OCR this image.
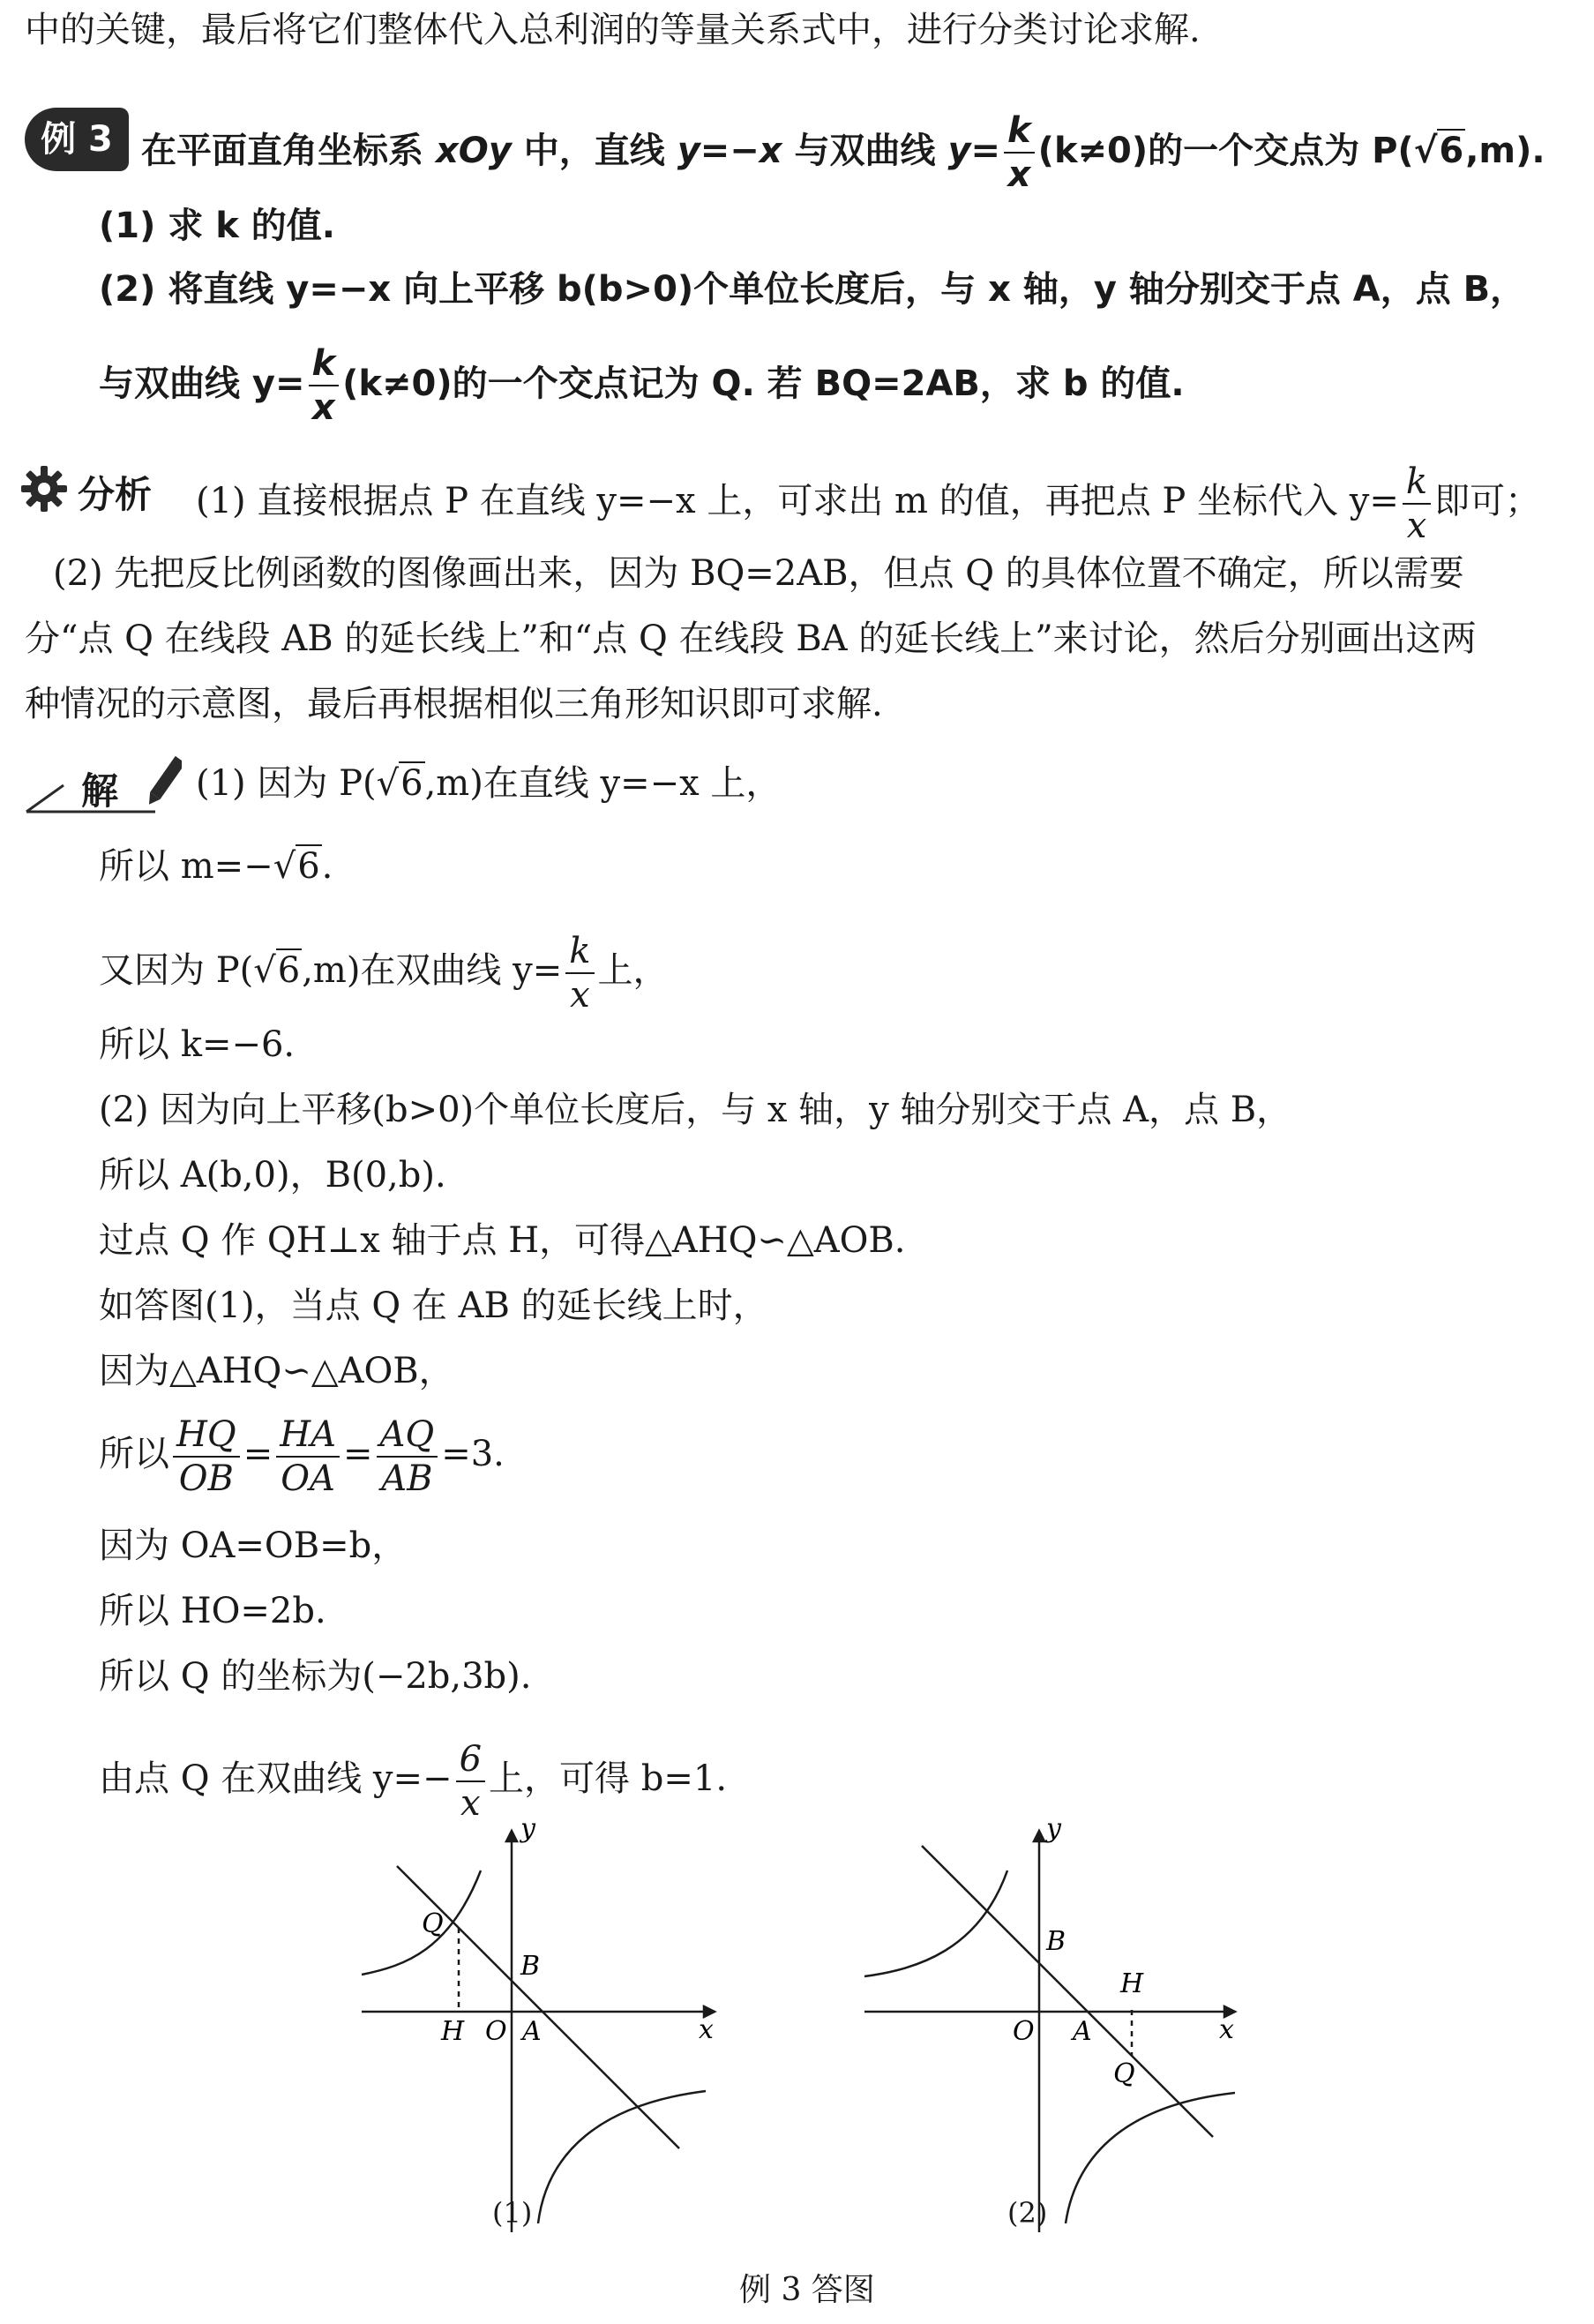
中的关键，最后将它们整体代入总利润的等量关系式中，进行分类讨论求解.
例 3 在平面直角坐标系 xOy 中，直线 y=−x 与双曲线 $y= \frac{k}{x} (k\ne 0)$的一个交点为 P(√6,m).
(1) 求 k 的值.
(2) 将直线 y=−x 向上平移 b(b>0)个单位长度后，与 x 轴，y 轴分别交于点 A，点 B，
与双曲线 $y= \frac{k}{x} (k\ne 0)$的一个交点记为 Q. 若 BQ=2AB，求 b 的值.
分析 (1) 直接根据点 P 在直线 y=−x 上，可求出 m 的值，再把点 P 坐标代入 $y= \frac{k}{x}$ 即可；
(2) 先把反比例函数的图像画出来，因为 BQ=2AB，但点 Q 的具体位置不确定，所以需要
分“点 Q 在线段 AB 的延长线上”和“点 Q 在线段 BA 的延长线上”来讨论，然后分别画出这两
种情况的示意图，最后再根据相似三角形知识即可求解.
解 (1) 因为 P(√6,m)在直线 y=−x 上，
所以 m=−√6.
又因为 P(√6,m)在双曲线 $y= \frac{k}{x}$ 上，
所以 k=−6.
(2) 因为向上平移(b>0)个单位长度后，与 x 轴，y 轴分别交于点 A，点 B，
所以 A(b,0)，B(0,b).
过点 Q 作 QH⊥x 轴于点 H，可得△AHQ∽△AOB.
如答图(1)，当点 Q 在 AB 的延长线上时，
因为△AHQ∽△AOB，
所以 $\frac{HQ}{OB} = \frac{HA}{OA} = \frac{AQ}{AB} =3$.
因为 OA=OB=b，
所以 HO=2b.
所以 Q 的坐标为(−2b,3b).
由点 Q 在双曲线 $y=- \frac{6}{x}$ 上，可得 b=1.
y
x
Q
B
H O A
(1)
y
x
B
H
O A
Q
(2)
例 3 答图
